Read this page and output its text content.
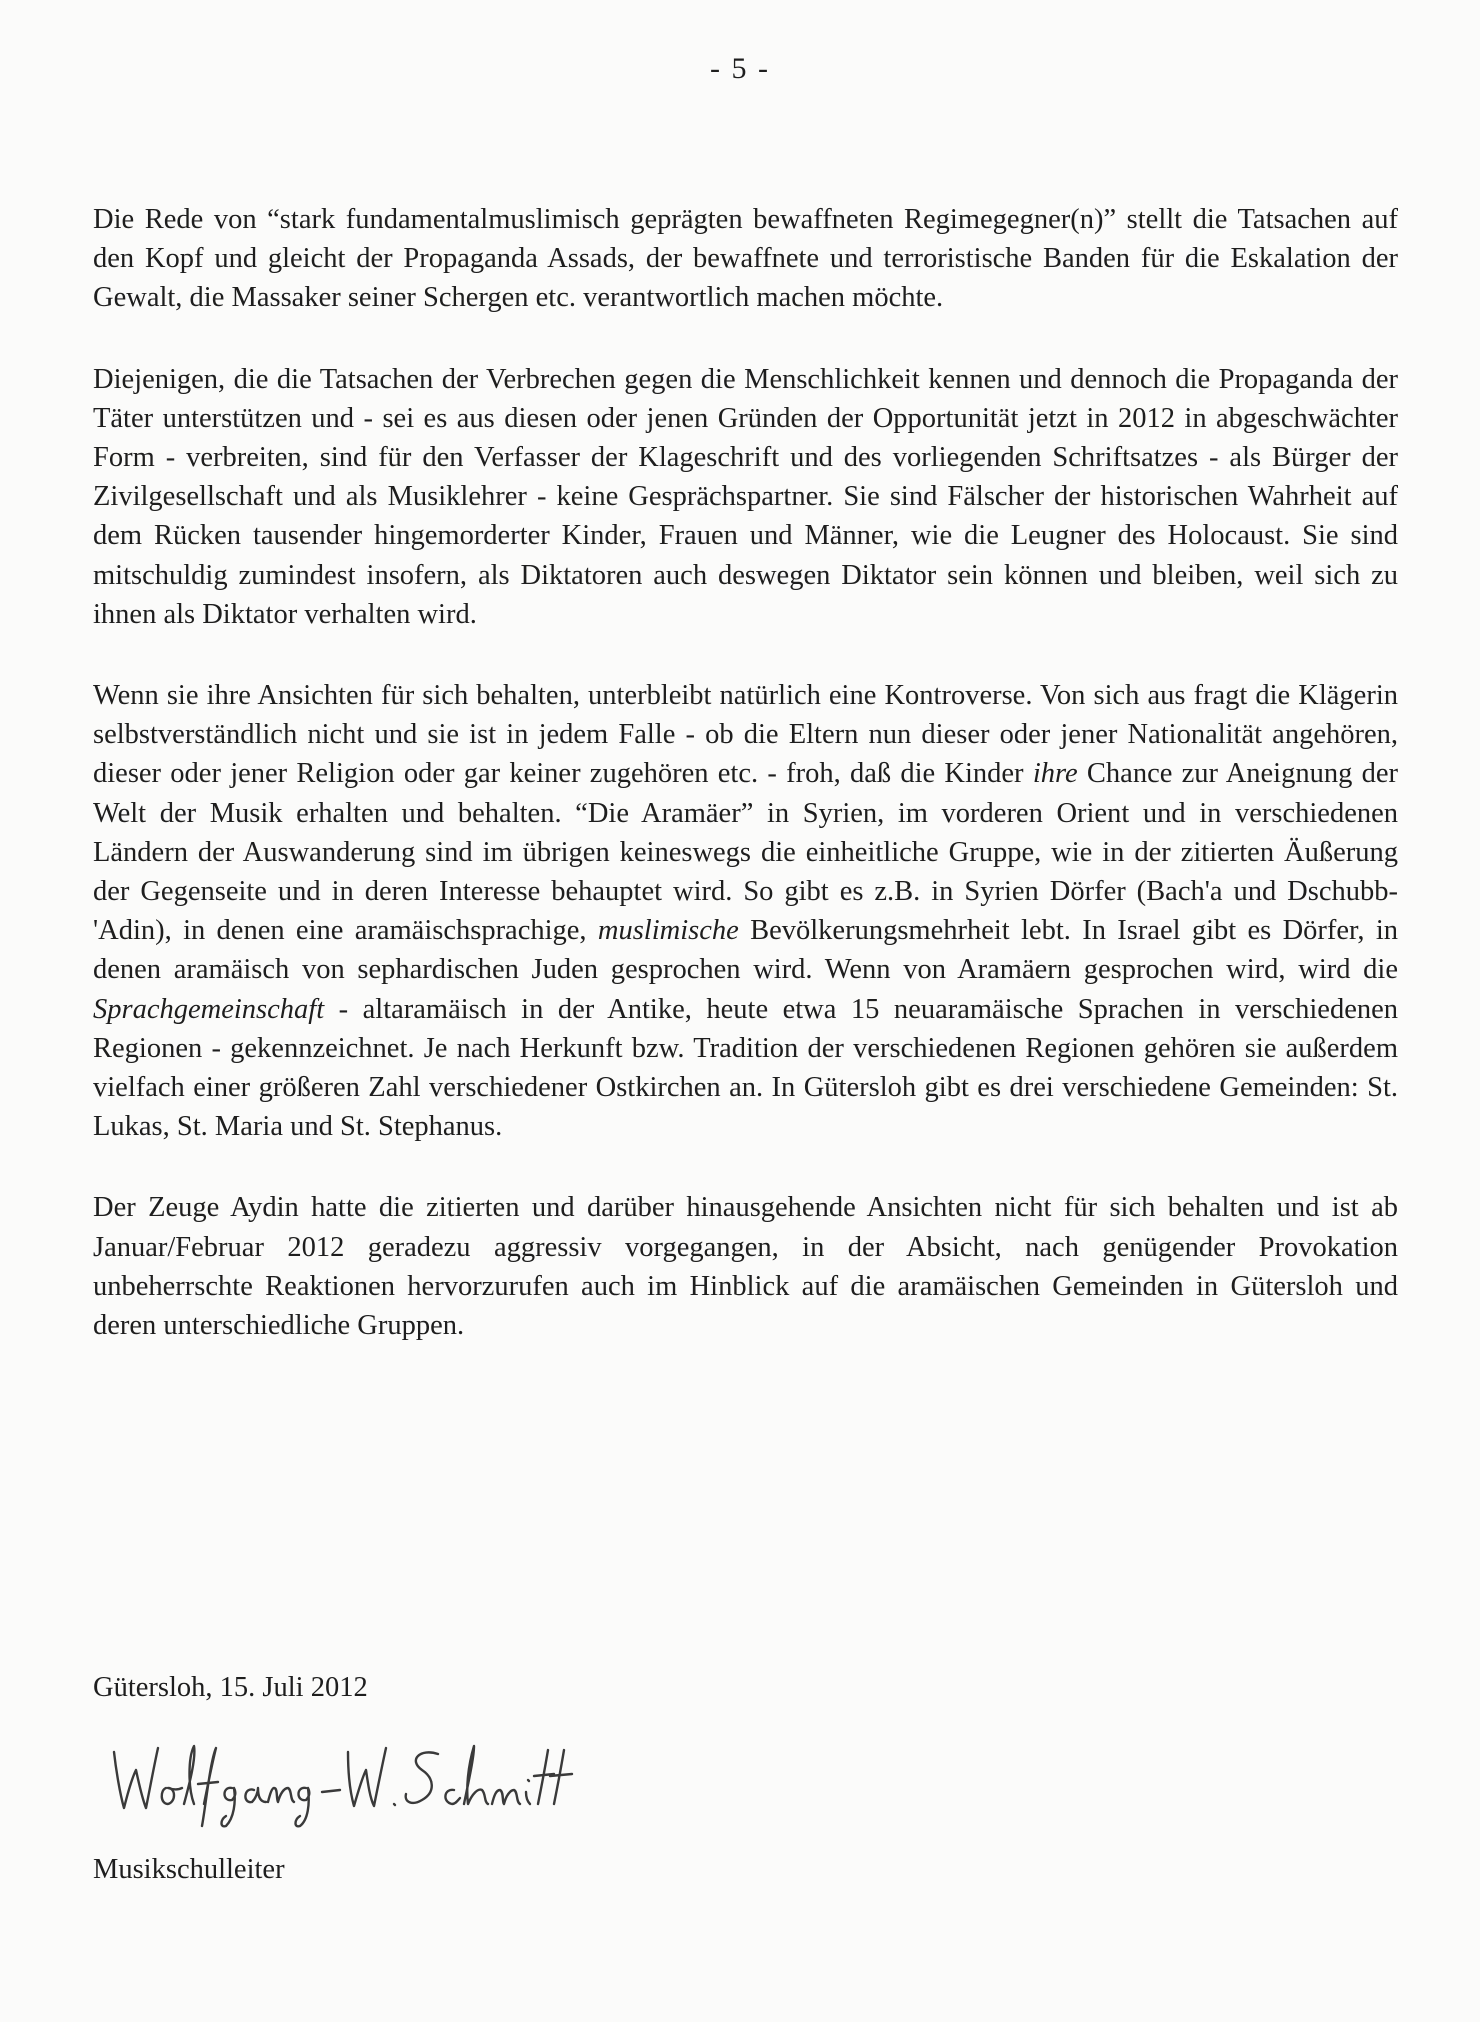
- 5 -

Die Rede von “stark fundamentalmuslimisch geprägten bewaffneten Regimegegner(n)” stellt die Tatsachen auf den Kopf und gleicht der Propaganda Assads, der bewaffnete und terroristische Banden für die Eskalation der Gewalt, die Massaker seiner Schergen etc. verantwortlich machen möchte.

Diejenigen, die die Tatsachen der Verbrechen gegen die Menschlichkeit kennen und dennoch die Propaganda der Täter unterstützen und - sei es aus diesen oder jenen Gründen der Opportunität jetzt in 2012 in abgeschwächter Form - verbreiten, sind für den Verfasser der Klageschrift und des vorliegenden Schriftsatzes - als Bürger der Zivilgesellschaft und als Musiklehrer - keine Gesprächspartner. Sie sind Fälscher der historischen Wahrheit auf dem Rücken tausender hingemorderter Kinder, Frauen und Männer, wie die Leugner des Holocaust. Sie sind mitschuldig zumindest insofern, als Diktatoren auch deswegen Diktator sein können und bleiben, weil sich zu ihnen als Diktator verhalten wird.

Wenn sie ihre Ansichten für sich behalten, unterbleibt natürlich eine Kontroverse. Von sich aus fragt die Klägerin selbstverständlich nicht und sie ist in jedem Falle - ob die Eltern nun dieser oder jener Nationalität angehören, dieser oder jener Religion oder gar keiner zugehören etc. - froh, daß die Kinder ihre Chance zur Aneignung der Welt der Musik erhalten und behalten. “Die Aramäer” in Syrien, im vorderen Orient und in verschiedenen Ländern der Auswanderung sind im übrigen keineswegs die einheitliche Gruppe, wie in der zitierten Äußerung der Gegenseite und in deren Interesse behauptet wird. So gibt es z.B. in Syrien Dörfer (Bach'a und Dschubb-'Adin), in denen eine aramäischsprachige, muslimische Bevölkerungsmehrheit lebt. In Israel gibt es Dörfer, in denen aramäisch von sephardischen Juden gesprochen wird. Wenn von Aramäern gesprochen wird, wird die Sprachgemeinschaft - altaramäisch in der Antike, heute etwa 15 neuaramäische Sprachen in verschiedenen Regionen - gekennzeichnet. Je nach Herkunft bzw. Tradition der verschiedenen Regionen gehören sie außerdem vielfach einer größeren Zahl verschiedener Ostkirchen an. In Gütersloh gibt es drei verschiedene Gemeinden: St. Lukas, St. Maria und St. Stephanus.

Der Zeuge Aydin hatte die zitierten und darüber hinausgehende Ansichten nicht für sich behalten und ist ab Januar/Februar 2012 geradezu aggressiv vorgegangen, in der Absicht, nach genügender Provokation unbeherrschte Reaktionen hervorzurufen auch im Hinblick auf die aramäischen Gemeinden in Gütersloh und deren unterschiedliche Gruppen.

Gütersloh, 15. Juli 2012
Musikschulleiter
